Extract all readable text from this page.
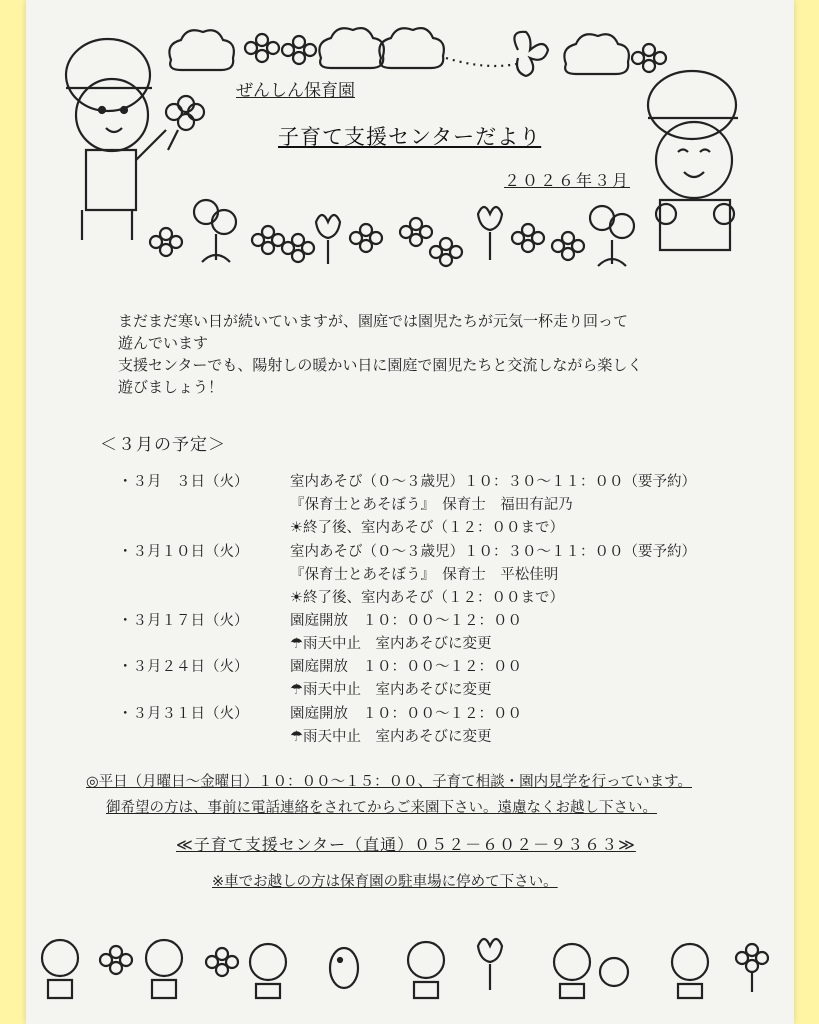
ぜんしん保育園
子育て支援センターだより
２０２６年３月
まだまだ寒い日が続いていますが、園庭では園児たちが元気一杯走り回って
遊んでいます
支援センターでも、陽射しの暖かい日に園庭で園児たちと交流しながら楽しく
遊びましょう！
＜３月の予定＞
・３月　３日（火）	室内あそび（０～３歳児）１０：３０～１１：００（要予約）
『保育士とあそぼう』　保育士　福田有記乃
☀終了後、室内あそび（１２：００まで）
・３月１０日（火）	室内あそび（０～３歳児）１０：３０～１１：００（要予約）
『保育士とあそぼう』　保育士　平松佳明
☀終了後、室内あそび（１２：００まで）
・３月１７日（火）	園庭開放　１０：００～１２：００
☂雨天中止　室内あそびに変更
・３月２４日（火）	園庭開放　１０：００～１２：００
☂雨天中止　室内あそびに変更
・３月３１日（火）	園庭開放　１０：００～１２：００
☂雨天中止　室内あそびに変更
◎平日（月曜日～金曜日）１０：００～１５：００、子育て相談・園内見学を行っています。
御希望の方は、事前に電話連絡をされてからご来園下さい。遠慮なくお越し下さい。
≪子育て支援センター（直通）０５２－６０２－９３６３≫
※車でお越しの方は保育園の駐車場に停めて下さい。
